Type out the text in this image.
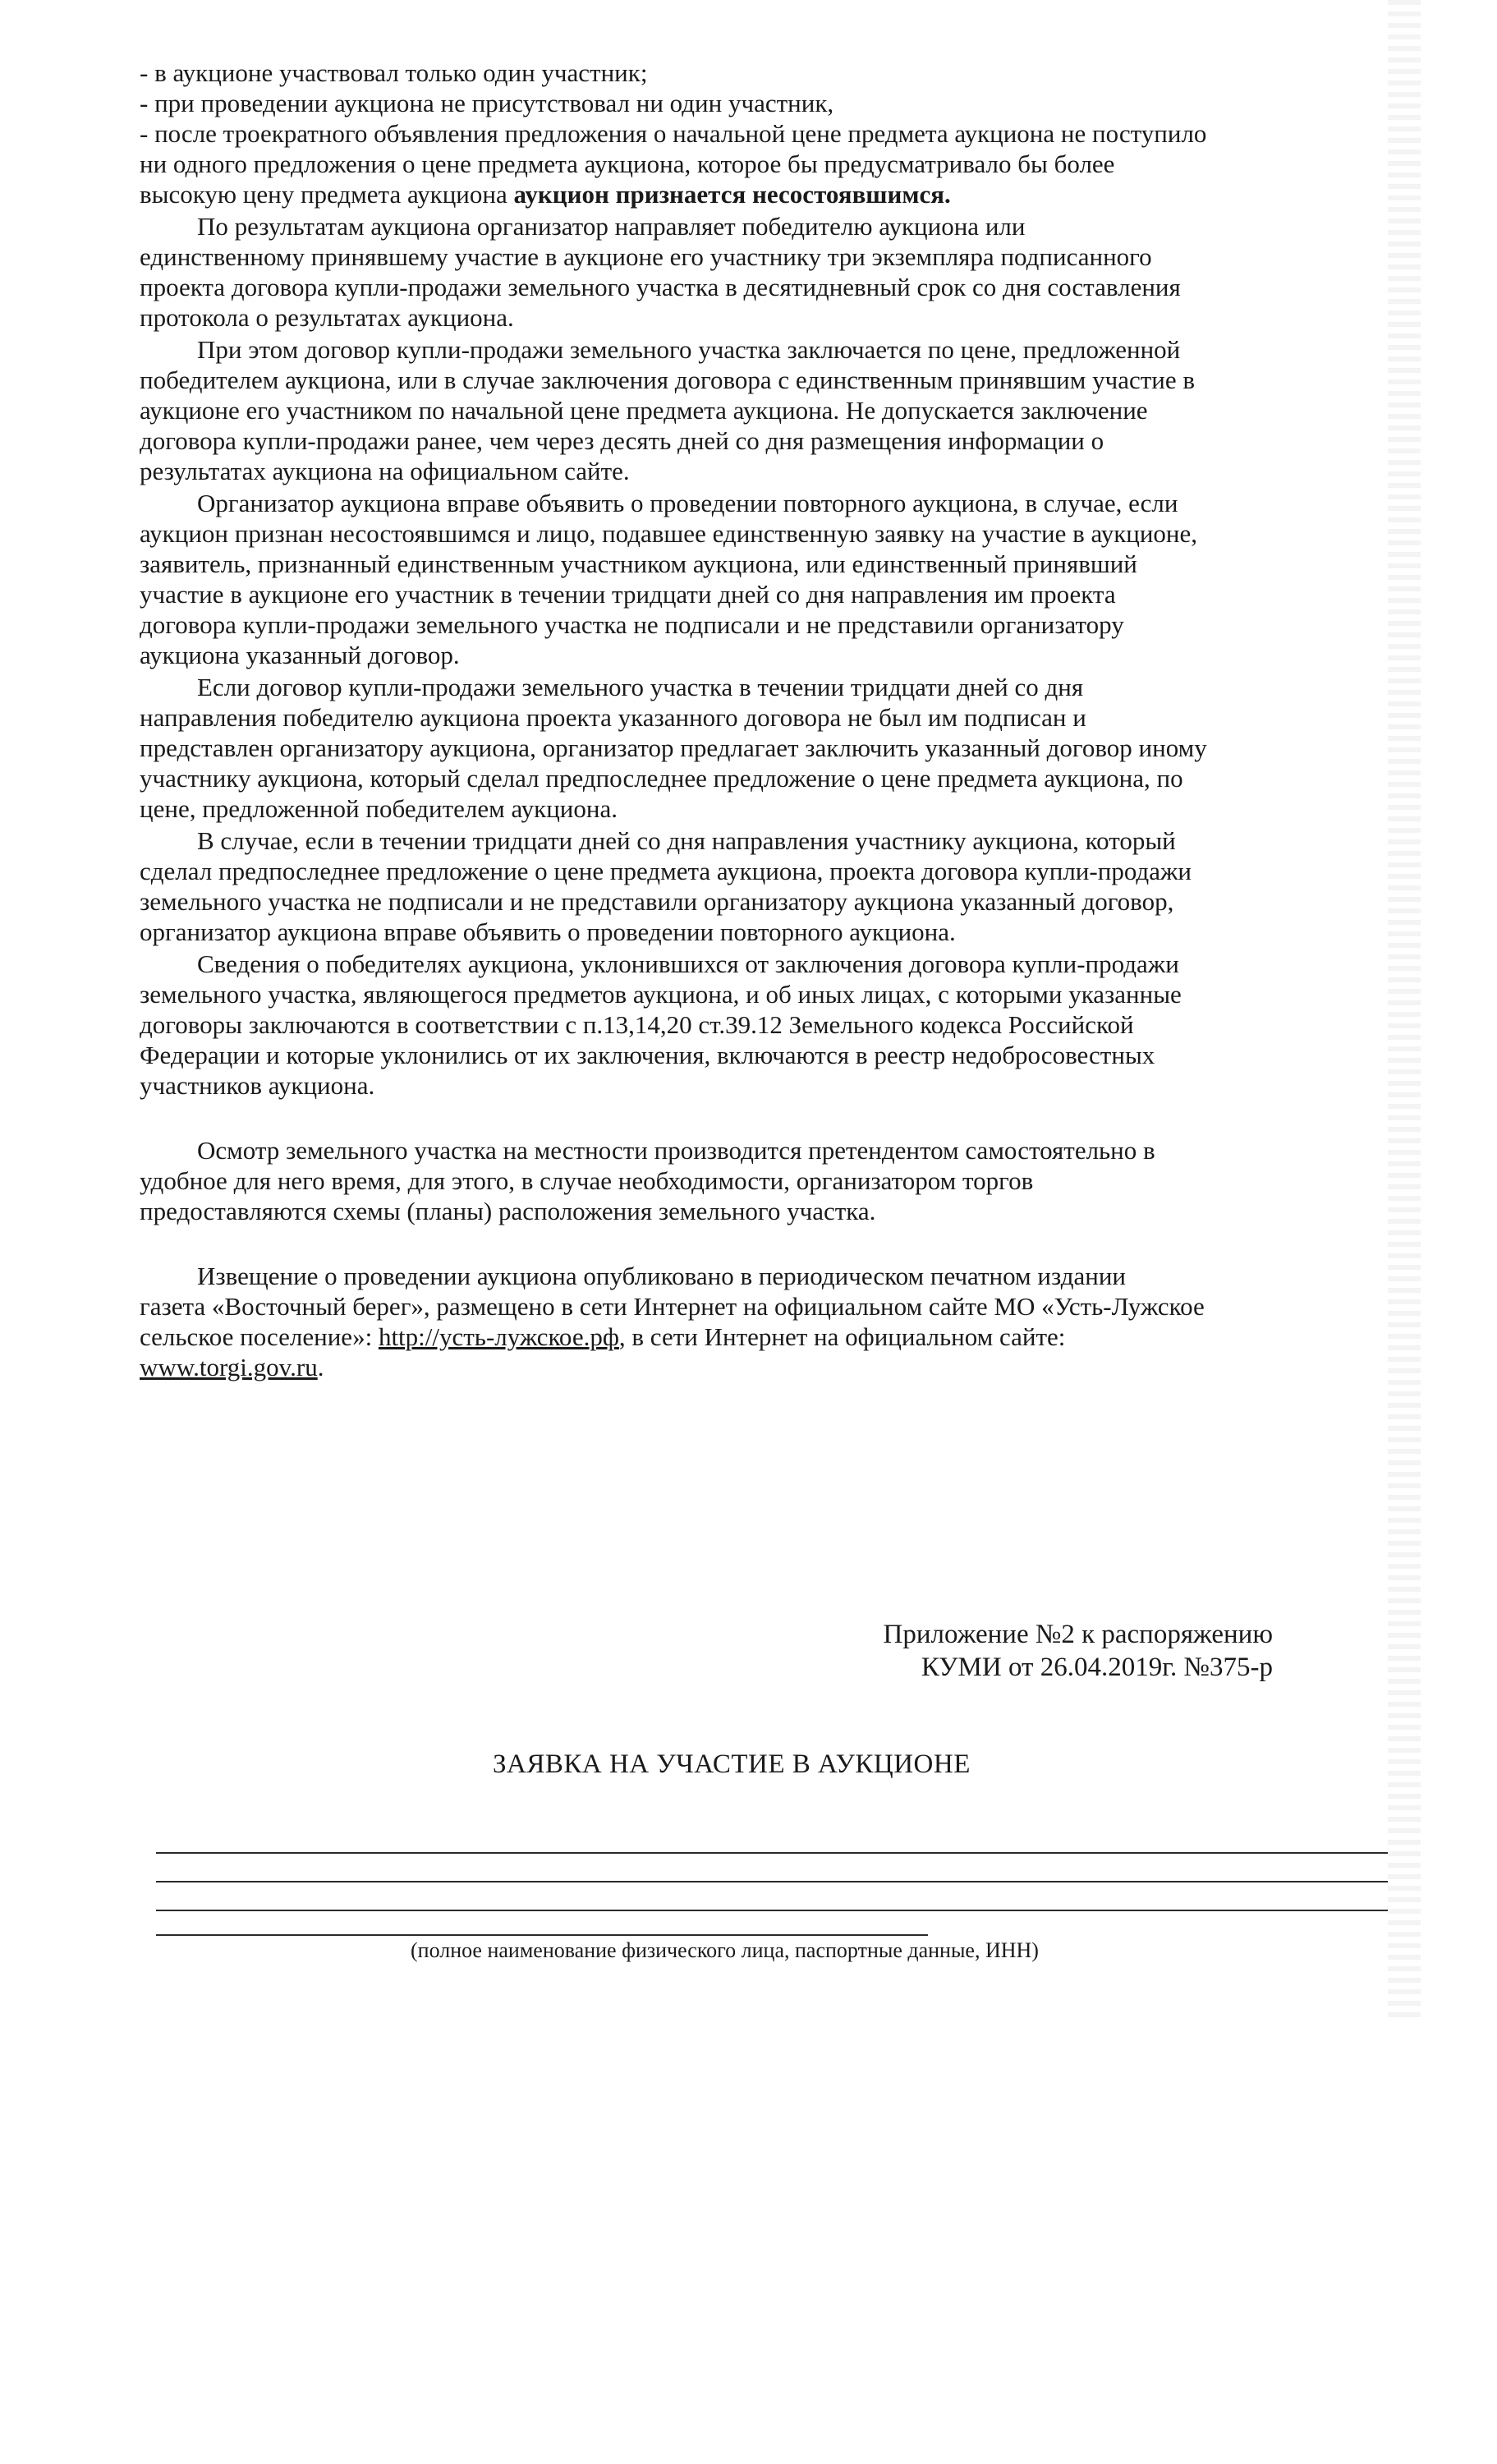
- в аукционе участвовал только один участник;
- при проведении аукциона не присутствовал ни один участник,
- после троекратного объявления предложения о начальной цене предмета аукциона не поступило
ни одного предложения о цене предмета аукциона, которое бы предусматривало бы более
высокую цену предмета аукциона аукцион признается несостоявшимся.
По результатам аукциона организатор направляет победителю аукциона или
единственному принявшему участие в аукционе его участнику три экземпляра подписанного
проекта договора купли-продажи земельного участка в десятидневный срок со дня составления
протокола о результатах аукциона.
При этом договор купли-продажи земельного участка заключается по цене, предложенной
победителем аукциона, или в случае заключения договора с единственным принявшим участие в
аукционе его участником по начальной цене предмета аукциона. Не допускается заключение
договора купли-продажи ранее, чем через десять дней со дня размещения информации о
результатах аукциона на официальном сайте.
Организатор аукциона вправе объявить о проведении повторного аукциона, в случае, если
аукцион признан несостоявшимся и лицо, подавшее единственную заявку на участие в аукционе,
заявитель, признанный единственным участником аукциона, или единственный принявший
участие в аукционе его участник в течении тридцати дней со дня направления им проекта
договора купли-продажи земельного участка не подписали и не представили организатору
аукциона указанный договор.
Если договор купли-продажи земельного участка в течении тридцати дней со дня
направления победителю аукциона проекта указанного договора не был им подписан и
представлен организатору аукциона, организатор предлагает заключить указанный договор иному
участнику аукциона, который сделал предпоследнее предложение о цене предмета аукциона, по
цене, предложенной победителем аукциона.
В случае, если в течении тридцати дней со дня направления участнику аукциона, который
сделал предпоследнее предложение о цене предмета аукциона, проекта договора купли-продажи
земельного участка не подписали и не представили организатору аукциона указанный договор,
организатор аукциона вправе объявить о проведении повторного аукциона.
Сведения о победителях аукциона, уклонившихся от заключения договора купли-продажи
земельного участка, являющегося предметов аукциона, и об иных лицах, с которыми указанные
договоры заключаются в соответствии с п.13,14,20 ст.39.12 Земельного кодекса Российской
Федерации и которые уклонились от их заключения, включаются в реестр недобросовестных
участников аукциона.
Осмотр земельного участка на местности производится претендентом самостоятельно в
удобное для него время, для этого, в случае необходимости, организатором торгов
предоставляются схемы (планы) расположения земельного участка.
Извещение о проведении аукциона опубликовано в периодическом печатном издании
газета «Восточный берег», размещено в сети Интернет на официальном сайте МО «Усть-Лужское
сельское поселение»: http://усть-лужское.рф, в сети Интернет на официальном сайте:
www.torgi.gov.ru.
Приложение №2 к распоряжению
КУМИ от 26.04.2019г. №375-р
ЗАЯВКА НА УЧАСТИЕ В АУКЦИОНЕ
(полное наименование физического лица, паспортные данные, ИНН)
